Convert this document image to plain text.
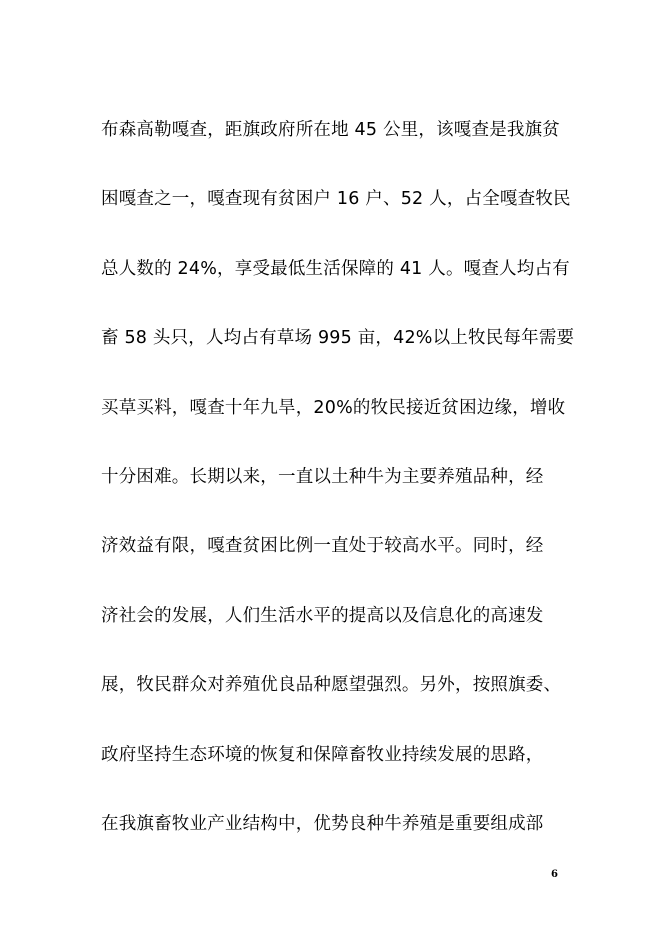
布森高勒嘎查，距旗政府所在地 45 公里，该嘎查是我旗贫
困嘎查之一，嘎查现有贫困户 16 户、52 人，占全嘎查牧民
总人数的 24%，享受最低生活保障的 41 人。嘎查人均占有
畜 58 头只，人均占有草场 995 亩，42%以上牧民每年需要
买草买料，嘎查十年九旱，20%的牧民接近贫困边缘，增收
十分困难。长期以来，一直以土种牛为主要养殖品种，经
济效益有限，嘎查贫困比例一直处于较高水平。同时，经
济社会的发展，人们生活水平的提高以及信息化的高速发
展，牧民群众对养殖优良品种愿望强烈。另外，按照旗委、
政府坚持生态环境的恢复和保障畜牧业持续发展的思路，
在我旗畜牧业产业结构中，优势良种牛养殖是重要组成部
6
